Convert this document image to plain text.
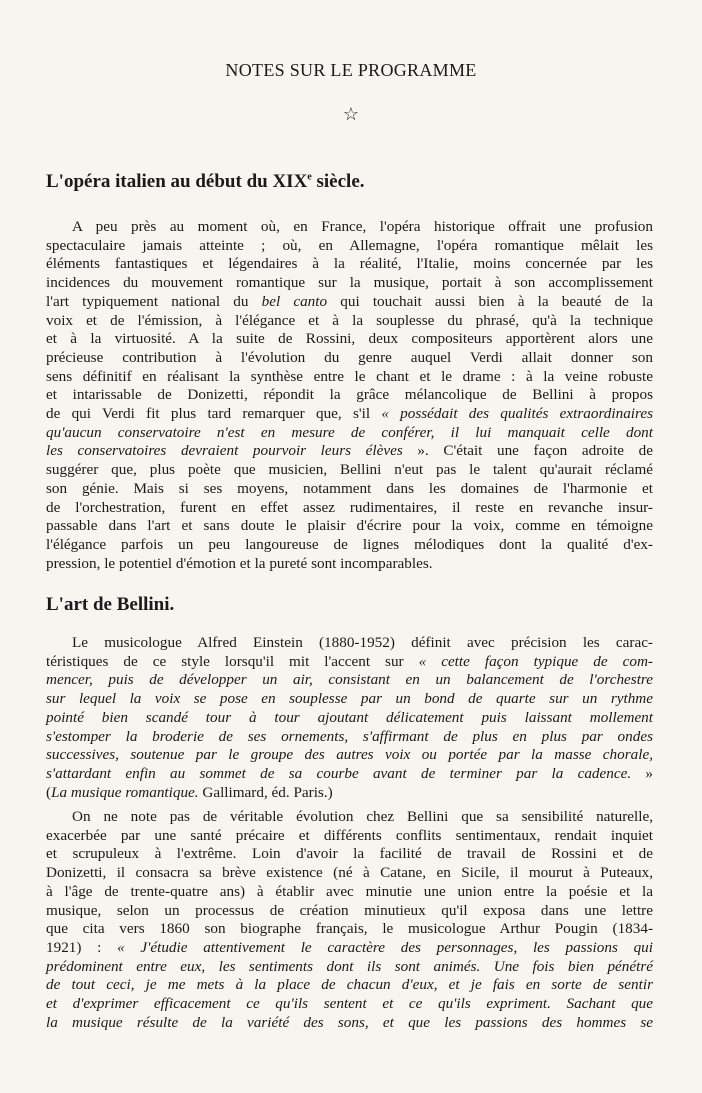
NOTES SUR LE PROGRAMME
☆
L'opéra italien au début du XIXe siècle.
A peu près au moment où, en France, l'opéra historique offrait une profusion
spectaculaire jamais atteinte ; où, en Allemagne, l'opéra romantique mêlait les
éléments fantastiques et légendaires à la réalité, l'Italie, moins concernée par les
incidences du mouvement romantique sur la musique, portait à son accomplissement
l'art typiquement national du bel canto qui touchait aussi bien à la beauté de la
voix et de l'émission, à l'élégance et à la souplesse du phrasé, qu'à la technique
et à la virtuosité. A la suite de Rossini, deux compositeurs apportèrent alors une
précieuse contribution à l'évolution du genre auquel Verdi allait donner son
sens définitif en réalisant la synthèse entre le chant et le drame : à la veine robuste
et intarissable de Donizetti, répondit la grâce mélancolique de Bellini à propos
de qui Verdi fit plus tard remarquer que, s'il « possédait des qualités extraordinaires
qu'aucun conservatoire n'est en mesure de conférer, il lui manquait celle dont
les conservatoires devraient pourvoir leurs élèves ». C'était une façon adroite de
suggérer que, plus poète que musicien, Bellini n'eut pas le talent qu'aurait réclamé
son génie. Mais si ses moyens, notamment dans les domaines de l'harmonie et
de l'orchestration, furent en effet assez rudimentaires, il reste en revanche insur-
passable dans l'art et sans doute le plaisir d'écrire pour la voix, comme en témoigne
l'élégance parfois un peu langoureuse de lignes mélodiques dont la qualité d'ex-
pression, le potentiel d'émotion et la pureté sont incomparables.
L'art de Bellini.
Le musicologue Alfred Einstein (1880-1952) définit avec précision les carac-
téristiques de ce style lorsqu'il mit l'accent sur « cette façon typique de com-
mencer, puis de développer un air, consistant en un balancement de l'orchestre
sur lequel la voix se pose en souplesse par un bond de quarte sur un rythme
pointé bien scandé tour à tour ajoutant délicatement puis laissant mollement
s'estomper la broderie de ses ornements, s'affirmant de plus en plus par ondes
successives, soutenue par le groupe des autres voix ou portée par la masse chorale,
s'attardant enfin au sommet de sa courbe avant de terminer par la cadence. »
(La musique romantique. Gallimard, éd. Paris.)
On ne note pas de véritable évolution chez Bellini que sa sensibilité naturelle,
exacerbée par une santé précaire et différents conflits sentimentaux, rendait inquiet
et scrupuleux à l'extrême. Loin d'avoir la facilité de travail de Rossini et de
Donizetti, il consacra sa brève existence (né à Catane, en Sicile, il mourut à Puteaux,
à l'âge de trente-quatre ans) à établir avec minutie une union entre la poésie et la
musique, selon un processus de création minutieux qu'il exposa dans une lettre
que cita vers 1860 son biographe français, le musicologue Arthur Pougin (1834-
1921) : « J'étudie attentivement le caractère des personnages, les passions qui
prédominent entre eux, les sentiments dont ils sont animés. Une fois bien pénétré
de tout ceci, je me mets à la place de chacun d'eux, et je fais en sorte de sentir
et d'exprimer efficacement ce qu'ils sentent et ce qu'ils expriment. Sachant que
la musique résulte de la variété des sons, et que les passions des hommes se
